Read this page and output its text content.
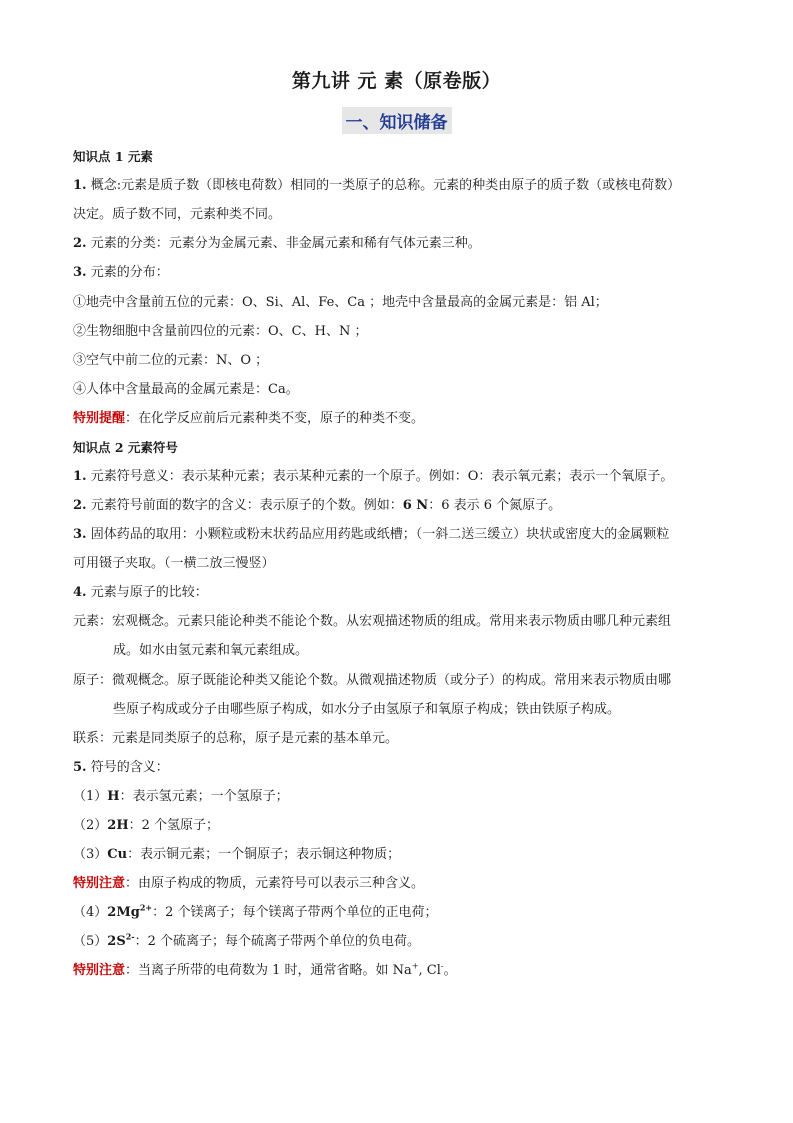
第九讲 元 素（原卷版）
一、知识储备
知识点 1 元素
1. 概念:元素是质子数（即核电荷数）相同的一类原子的总称。元素的种类由原子的质子数（或核电荷数）
决定。质子数不同，元素种类不同。
2. 元素的分类：元素分为金属元素、非金属元素和稀有气体元素三种。
3. 元素的分布：
①地壳中含量前五位的元素：O、Si、Al、Fe、Ca ；地壳中含量最高的金属元素是：铝 Al；
②生物细胞中含量前四位的元素：O、C、H、N ；
③空气中前二位的元素：N、O ；
④人体中含量最高的金属元素是：Ca。
特别提醒：在化学反应前后元素种类不变，原子的种类不变。
知识点 2 元素符号
1. 元素符号意义：表示某种元素；表示某种元素的一个原子。例如：O：表示氧元素；表示一个氧原子。
2. 元素符号前面的数字的含义：表示原子的个数。例如：6 N：6 表示 6 个氮原子。
3. 固体药品的取用：小颗粒或粉末状药品应用药匙或纸槽；（一斜二送三缓立）块状或密度大的金属颗粒
可用镊子夹取。（一横二放三慢竖）
4. 元素与原子的比较：
元素：宏观概念。元素只能论种类不能论个数。从宏观描述物质的组成。常用来表示物质由哪几种元素组
成。如水由氢元素和氧元素组成。
原子：微观概念。原子既能论种类又能论个数。从微观描述物质（或分子）的构成。常用来表示物质由哪
些原子构成或分子由哪些原子构成，如水分子由氢原子和氧原子构成；铁由铁原子构成。
联系：元素是同类原子的总称，原子是元素的基本单元。
5. 符号的含义：
（1）H：表示氢元素；一个氢原子；
（2）2H：2 个氢原子；
（3）Cu：表示铜元素；一个铜原子；表示铜这种物质；
特别注意：由原子构成的物质，元素符号可以表示三种含义。
$(4)2Mg^{2+}$：2 个镁离子；每个镁离子带两个单位的正电荷；
$(5)2S^{2-}$：2 个硫离子；每个硫离子带两个单位的负电荷。
特别注意：当离子所带的电荷数为 1 时，通常省略。如 Na+, Cl-。
